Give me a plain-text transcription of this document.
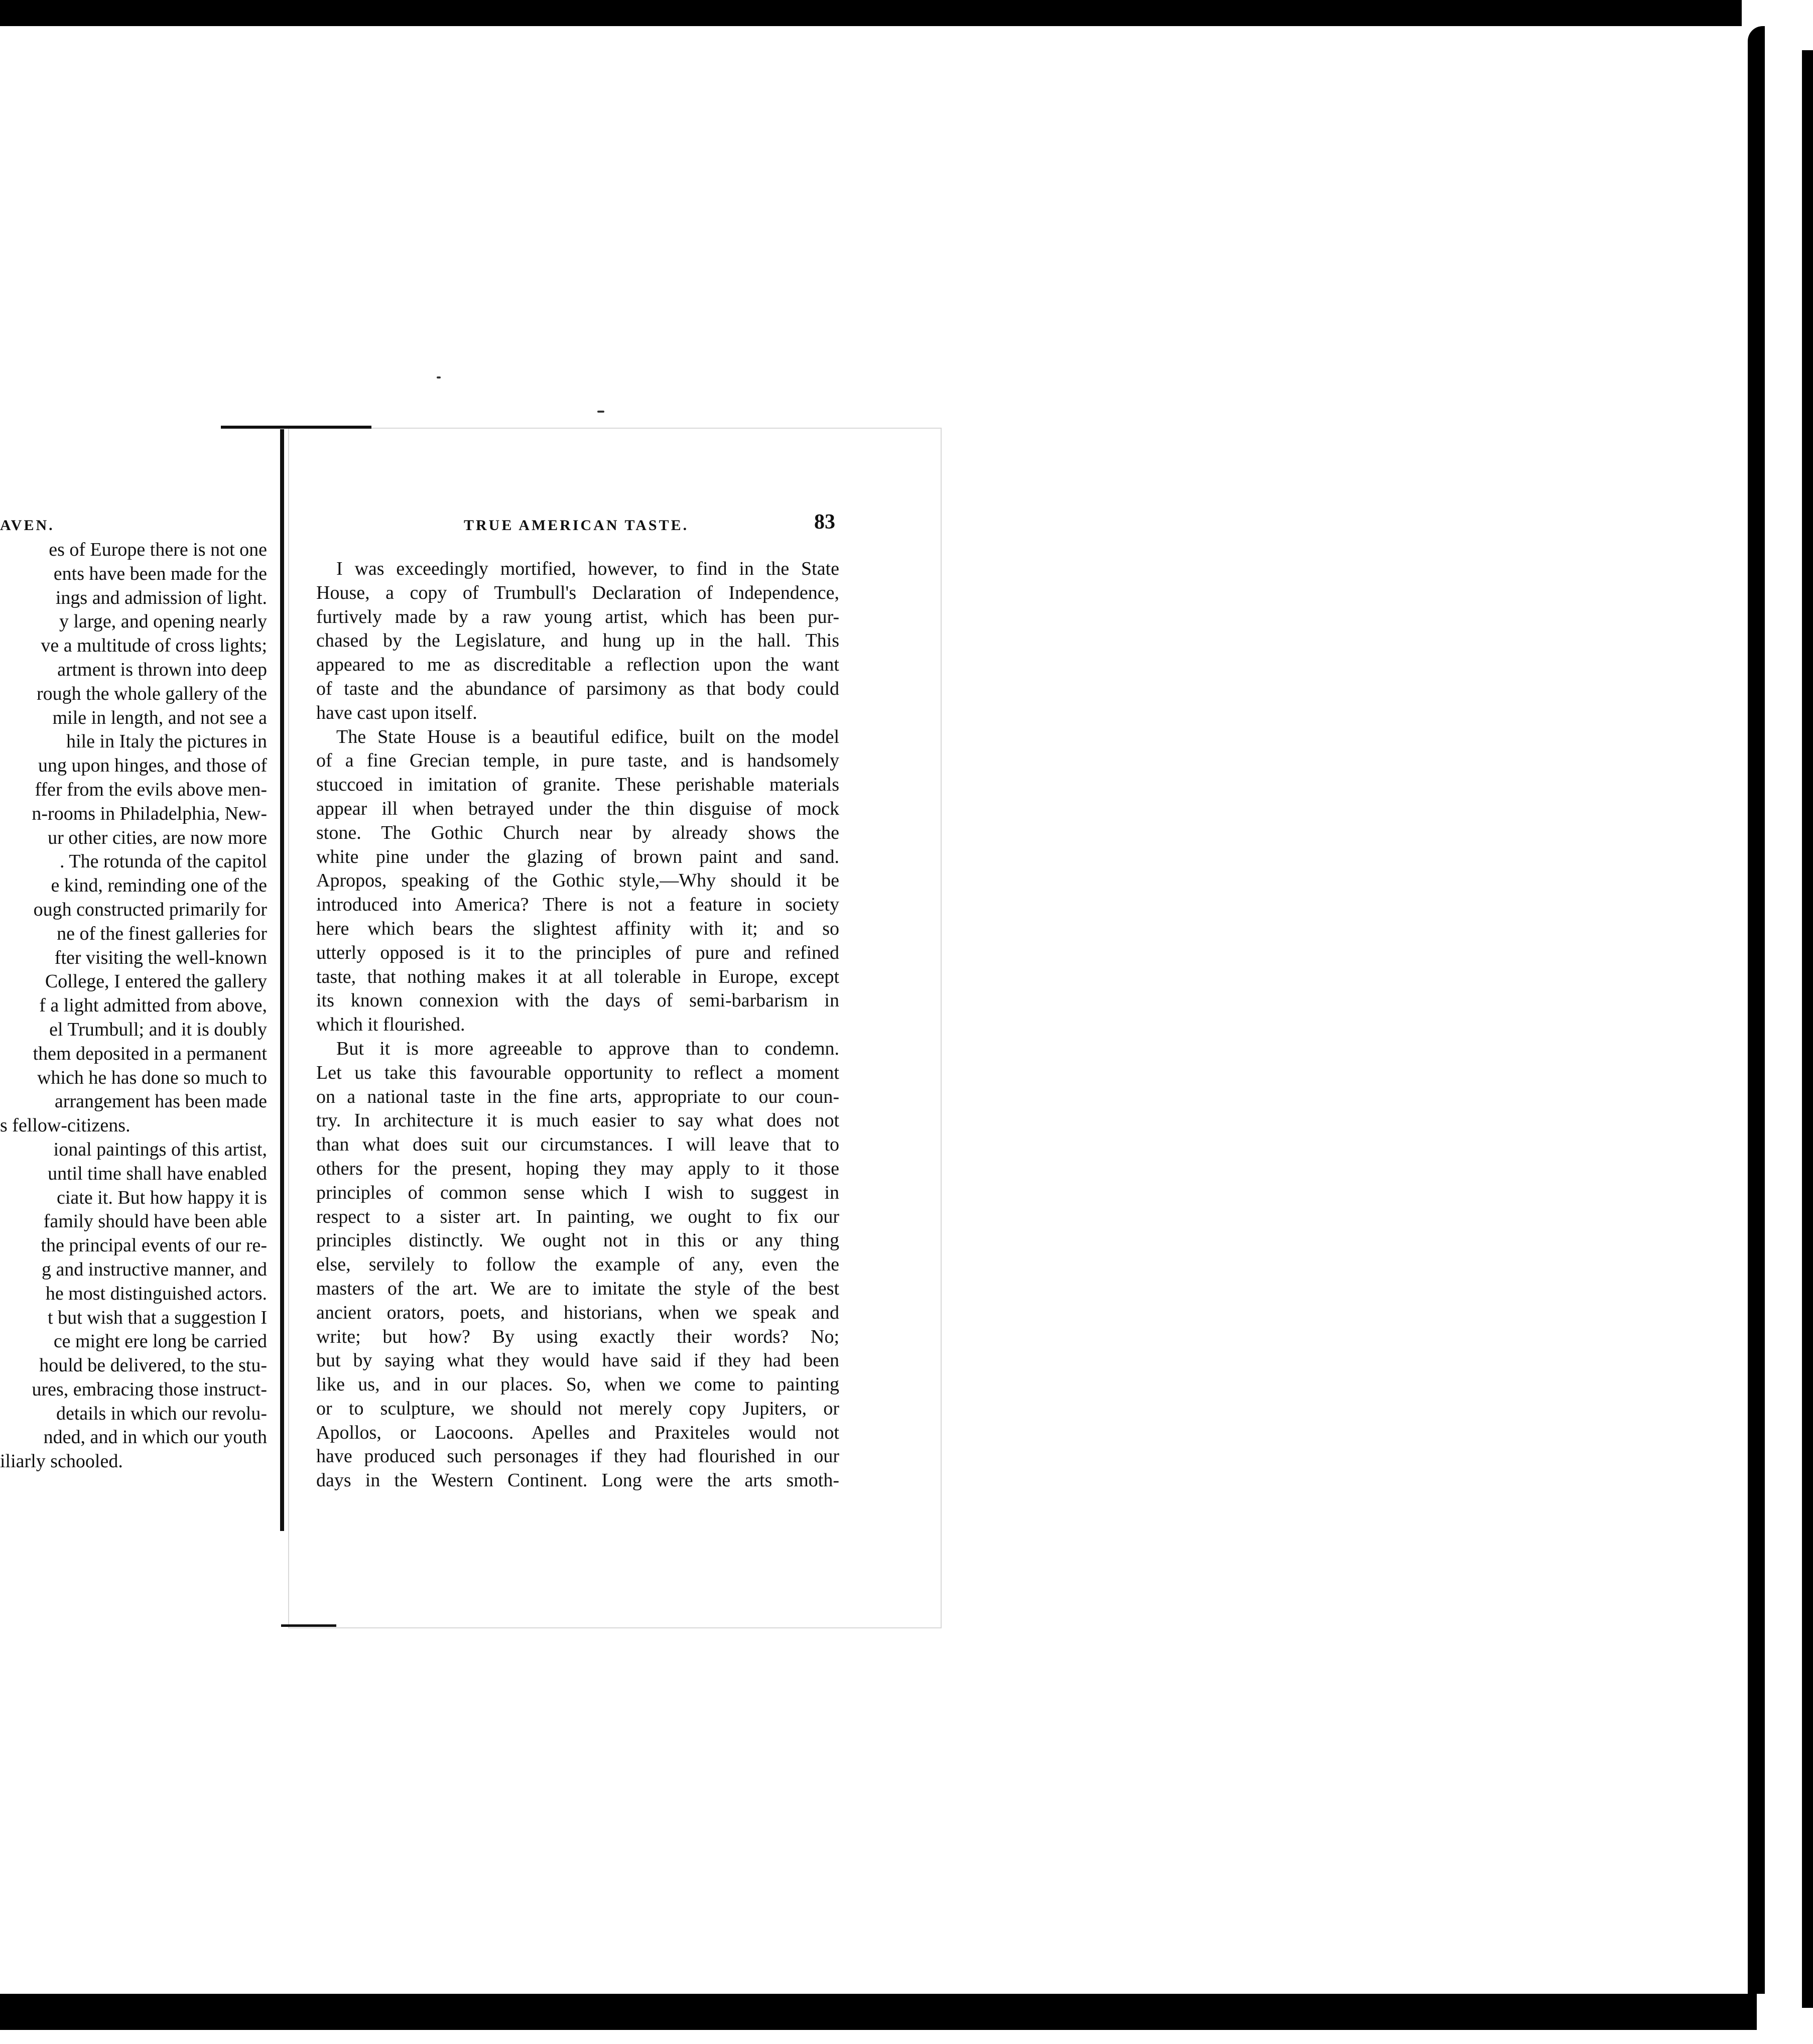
AVEN.	TRUE AMERICAN TASTE.	83
es of Europe there is not one
ents have been made for the
ings and admission of light.
y large, and opening nearly
ve a multitude of cross lights;
artment is thrown into deep
rough the whole gallery of the
mile in length, and not see a
hile in Italy the pictures in
ung upon hinges, and those of
ffer from the evils above men-
n-rooms in Philadelphia, New-
ur other cities, are now more
. The rotunda of the capitol
e kind, reminding one of the
ough constructed primarily for
ne of the finest galleries for
fter visiting the well-known
College, I entered the gallery
f a light admitted from above,
el Trumbull; and it is doubly
them deposited in a permanent
which he has done so much to
arrangement has been made
s fellow-citizens.
ional paintings of this artist,
until time shall have enabled
ciate it. But how happy it is
family should have been able
the principal events of our re-
g and instructive manner, and
he most distinguished actors.
t but wish that a suggestion I
ce might ere long be carried
hould be delivered, to the stu-
ures, embracing those instruct-
details in which our revolu-
nded, and in which our youth
iliarly schooled.
I was exceedingly mortified, however, to find in the State
House, a copy of Trumbull's Declaration of Independence,
furtively made by a raw young artist, which has been pur-
chased by the Legislature, and hung up in the hall. This
appeared to me as discreditable a reflection upon the want
of taste and the abundance of parsimony as that body could
have cast upon itself.
The State House is a beautiful edifice, built on the model
of a fine Grecian temple, in pure taste, and is handsomely
stuccoed in imitation of granite. These perishable materials
appear ill when betrayed under the thin disguise of mock
stone. The Gothic Church near by already shows the
white pine under the glazing of brown paint and sand.
Apropos, speaking of the Gothic style,—Why should it be
introduced into America? There is not a feature in society
here which bears the slightest affinity with it; and so
utterly opposed is it to the principles of pure and refined
taste, that nothing makes it at all tolerable in Europe, except
its known connexion with the days of semi-barbarism in
which it flourished.
But it is more agreeable to approve than to condemn.
Let us take this favourable opportunity to reflect a moment
on a national taste in the fine arts, appropriate to our coun-
try. In architecture it is much easier to say what does not
than what does suit our circumstances. I will leave that to
others for the present, hoping they may apply to it those
principles of common sense which I wish to suggest in
respect to a sister art. In painting, we ought to fix our
principles distinctly. We ought not in this or any thing
else, servilely to follow the example of any, even the
masters of the art. We are to imitate the style of the best
ancient orators, poets, and historians, when we speak and
write; but how? By using exactly their words? No;
but by saying what they would have said if they had been
like us, and in our places. So, when we come to painting
or to sculpture, we should not merely copy Jupiters, or
Apollos, or Laocoons. Apelles and Praxiteles would not
have produced such personages if they had flourished in our
days in the Western Continent. Long were the arts smoth-
